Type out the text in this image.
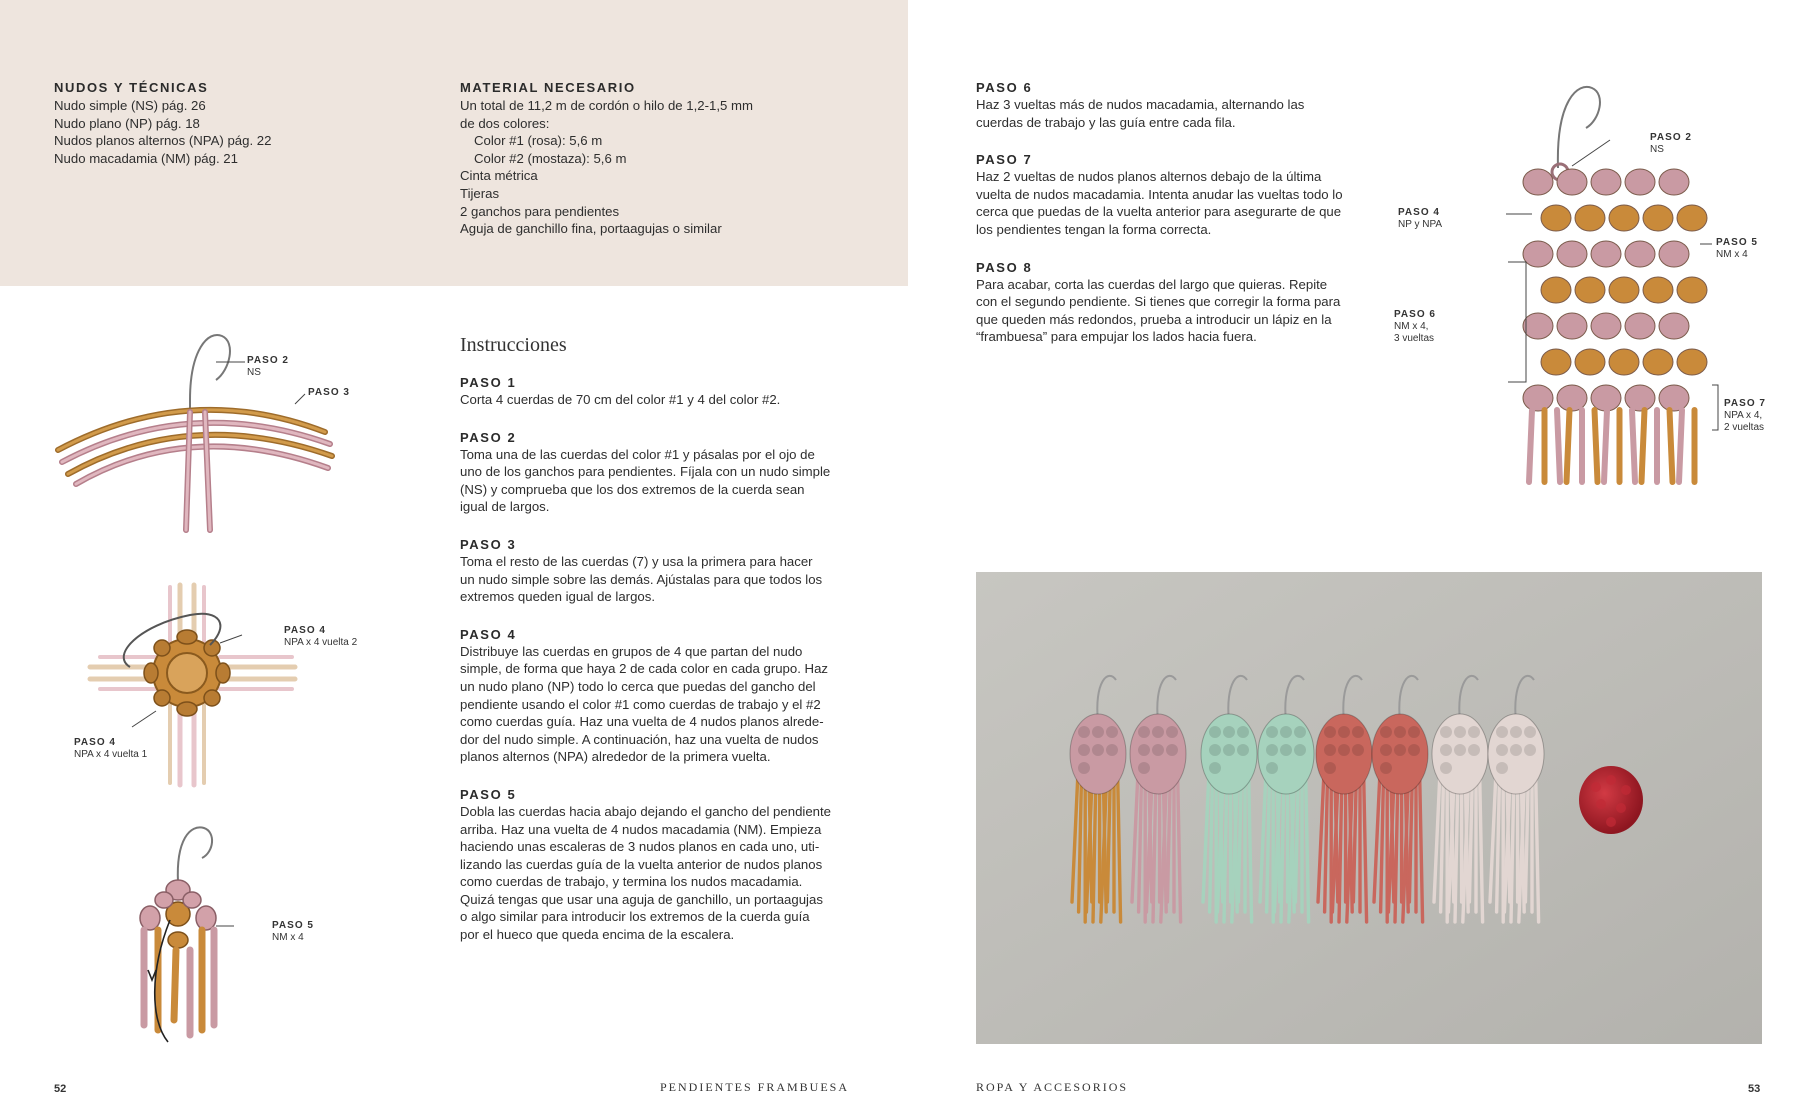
NUDOS Y TÉCNICAS
Nudo simple (NS) pág. 26
Nudo plano (NP) pág. 18
Nudos planos alternos (NPA) pág. 22
Nudo macadamia (NM) pág. 21
MATERIAL NECESARIO
Un total de 11,2 m de cordón o hilo de 1,2-1,5 mm
de dos colores:
Color #1 (rosa): 5,6 m
Color #2 (mostaza): 5,6 m
Cinta métrica
Tijeras
2 ganchos para pendientes
Aguja de ganchillo fina, portaagujas o similar
Instrucciones
PASO 1
Corta 4 cuerdas de 70 cm del color #1 y 4 del color #2.
PASO 2
Toma una de las cuerdas del color #1 y pásalas por el ojo de
uno de los ganchos para pendientes. Fíjala con un nudo simple
(NS) y comprueba que los dos extremos de la cuerda sean
igual de largos.
PASO 3
Toma el resto de las cuerdas (7) y usa la primera para hacer
un nudo simple sobre las demás. Ajústalas para que todos los
extremos queden igual de largos.
PASO 4
Distribuye las cuerdas en grupos de 4 que partan del nudo
simple, de forma que haya 2 de cada color en cada grupo. Haz
un nudo plano (NP) todo lo cerca que puedas del gancho del
pendiente usando el color #1 como cuerdas de trabajo y el #2
como cuerdas guía. Haz una vuelta de 4 nudos planos alrede-
dor del nudo simple. A continuación, haz una vuelta de nudos
planos alternos (NPA) alrededor de la primera vuelta.
PASO 5
Dobla las cuerdas hacia abajo dejando el gancho del pendiente
arriba. Haz una vuelta de 4 nudos macadamia (NM). Empieza
haciendo unas escaleras de 3 nudos planos en cada uno, uti-
lizando las cuerdas guía de la vuelta anterior de nudos planos
como cuerdas de trabajo, y termina los nudos macadamia.
Quizá tengas que usar una aguja de ganchillo, un portaagujas
o algo similar para introducir los extremos de la cuerda guía
por el hueco que queda encima de la escalera.
PASO 2
NS
PASO 3
PASO 4
NPA x 4 vuelta 2
PASO 4
NPA x 4 vuelta 1
PASO 5
NM x 4
52	PENDIENTES FRAMBUESA
PASO 6
Haz 3 vueltas más de nudos macadamia, alternando las
cuerdas de trabajo y las guía entre cada fila.
PASO 7
Haz 2 vueltas de nudos planos alternos debajo de la última
vuelta de nudos macadamia. Intenta anudar las vueltas todo lo
cerca que puedas de la vuelta anterior para asegurarte de que
los pendientes tengan la forma correcta.
PASO 8
Para acabar, corta las cuerdas del largo que quieras. Repite
con el segundo pendiente. Si tienes que corregir la forma para
que queden más redondos, prueba a introducir un lápiz en la
“frambuesa” para empujar los lados hacia fuera.
PASO 2
NS
PASO 4
NP y NPA
PASO 5
NM x 4
PASO 6
NM x 4,
3 vueltas
PASO 7
NPA x 4,
2 vueltas
ROPA Y ACCESORIOS	53
